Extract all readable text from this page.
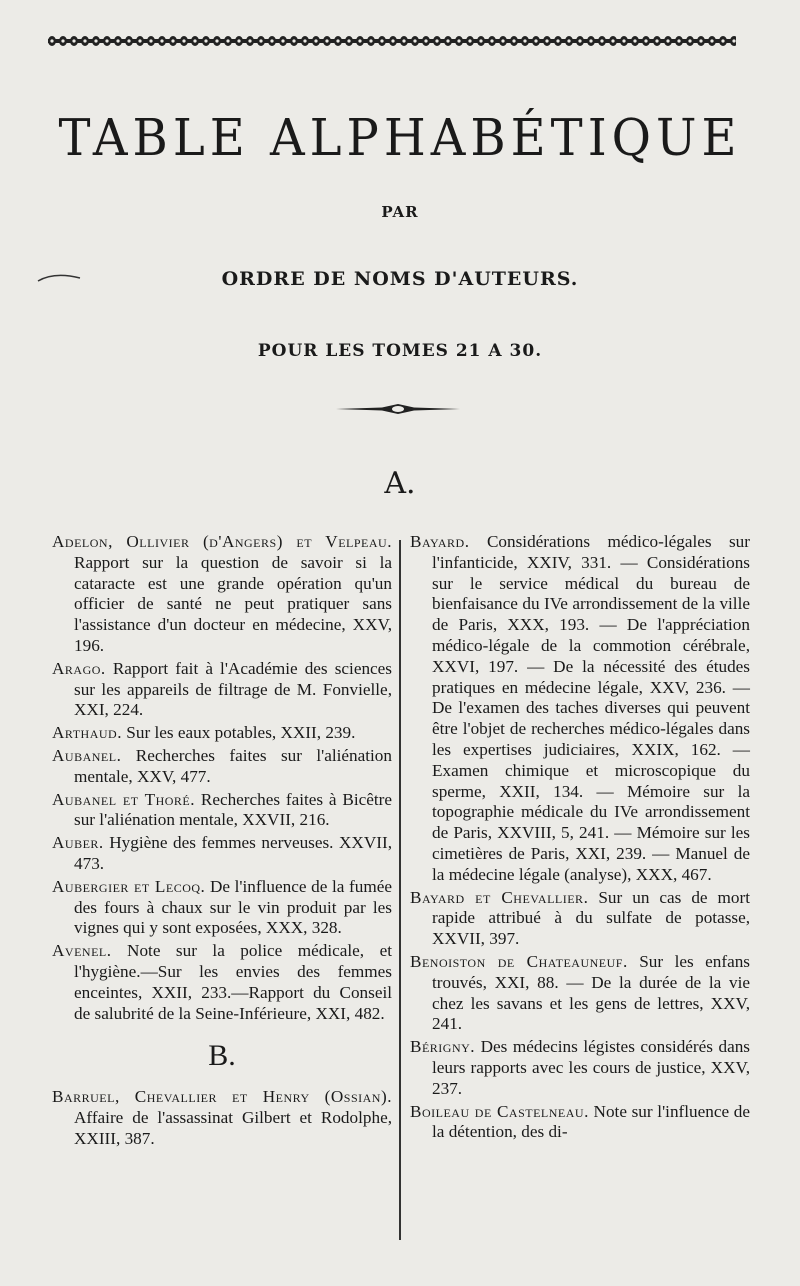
TABLE ALPHABÉTIQUE
PAR
ORDRE DE NOMS D'AUTEURS.
POUR LES TOMES 21 A 30.
A.

Adelon, Ollivier (d'Angers) et Velpeau. Rapport sur la question de savoir si la cataracte est une grande opération qu'un officier de santé ne peut pratiquer sans l'assistance d'un docteur en médecine, XXV, 196.

Arago. Rapport fait à l'Académie des sciences sur les appareils de filtrage de M. Fonvielle, XXI, 224.

Arthaud. Sur les eaux potables, XXII, 239.

Aubanel. Recherches faites sur l'aliénation mentale, XXV, 477.

Aubanel et Thoré. Recherches faites à Bicêtre sur l'aliénation mentale, XXVII, 216.

Auber. Hygiène des femmes nerveuses. XXVII, 473.

Aubergier et Lecoq. De l'influence de la fumée des fours à chaux sur le vin produit par les vignes qui y sont exposées, XXX, 328.

Avenel. Note sur la police médicale, et l'hygiène.—Sur les envies des femmes enceintes, XXII, 233.—Rapport du Conseil de salubrité de la Seine-Inférieure, XXI, 482.

B.

Barruel, Chevallier et Henry (Ossian). Affaire de l'assassinat Gilbert et Rodolphe, XXIII, 387.

Bayard. Considérations médico-légales sur l'infanticide, XXIV, 331. — Considérations sur le service médical du bureau de bienfaisance du IVe arrondissement de la ville de Paris, XXX, 193. — De l'appréciation médico-légale de la commotion cérébrale, XXVI, 197. — De la nécessité des études pratiques en médecine légale, XXV, 236. — De l'examen des taches diverses qui peuvent être l'objet de recherches médico-légales dans les expertises judiciaires, XXIX, 162. — Examen chimique et microscopique du sperme, XXII, 134. — Mémoire sur la topographie médicale du IVe arrondissement de Paris, XXVIII, 5, 241. — Mémoire sur les cimetières de Paris, XXI, 239. — Manuel de la médecine légale (analyse), XXX, 467.

Bayard et Chevallier. Sur un cas de mort rapide attribué à du sulfate de potasse, XXVII, 397.

Benoiston de Chateauneuf. Sur les enfans trouvés, XXI, 88. — De la durée de la vie chez les savans et les gens de lettres, XXV, 241.

Bérigny. Des médecins légistes considérés dans leurs rapports avec les cours de justice, XXV, 237.

Boileau de Castelneau. Note sur l'influence de la détention, des di-
